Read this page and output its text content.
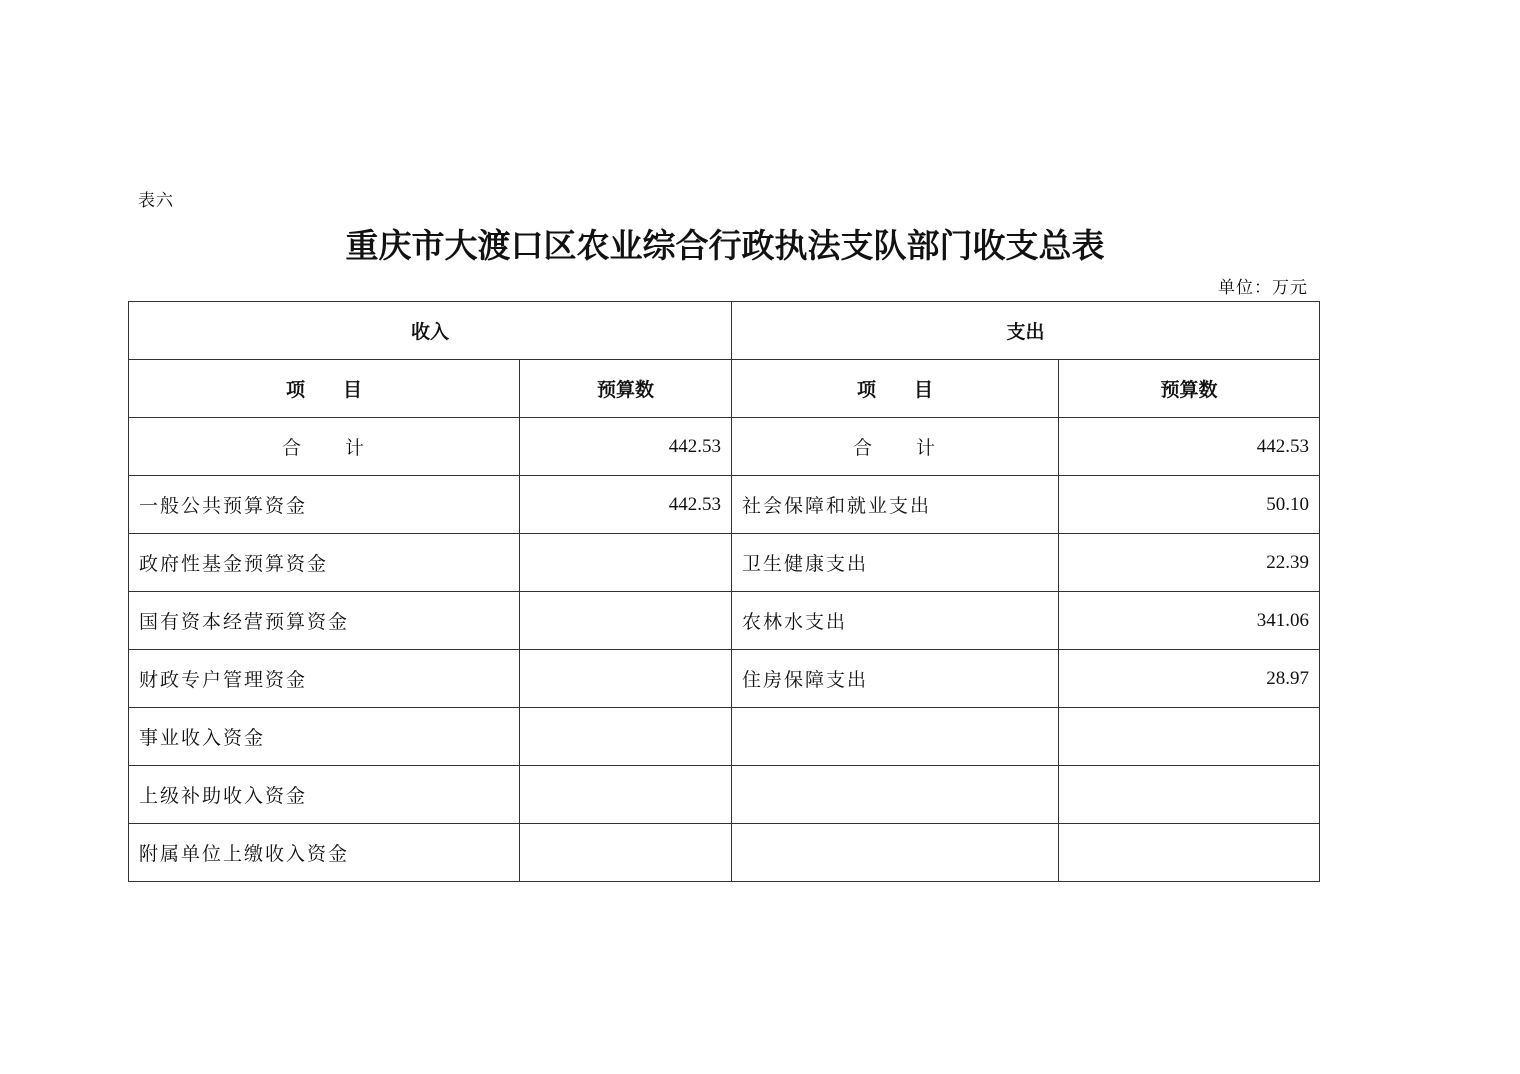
表六
重庆市大渡口区农业综合行政执法支队部门收支总表
单位：万元
收入		支出	
项　　目	预算数	项　　目	预算数
合　　计	442.53	合　　计	442.53
一般公共预算资金	442.53	社会保障和就业支出	50.10
政府性基金预算资金		卫生健康支出	22.39
国有资本经营预算资金		农林水支出	341.06
财政专户管理资金		住房保障支出	28.97
事业收入资金			
上级补助收入资金			
附属单位上缴收入资金			
